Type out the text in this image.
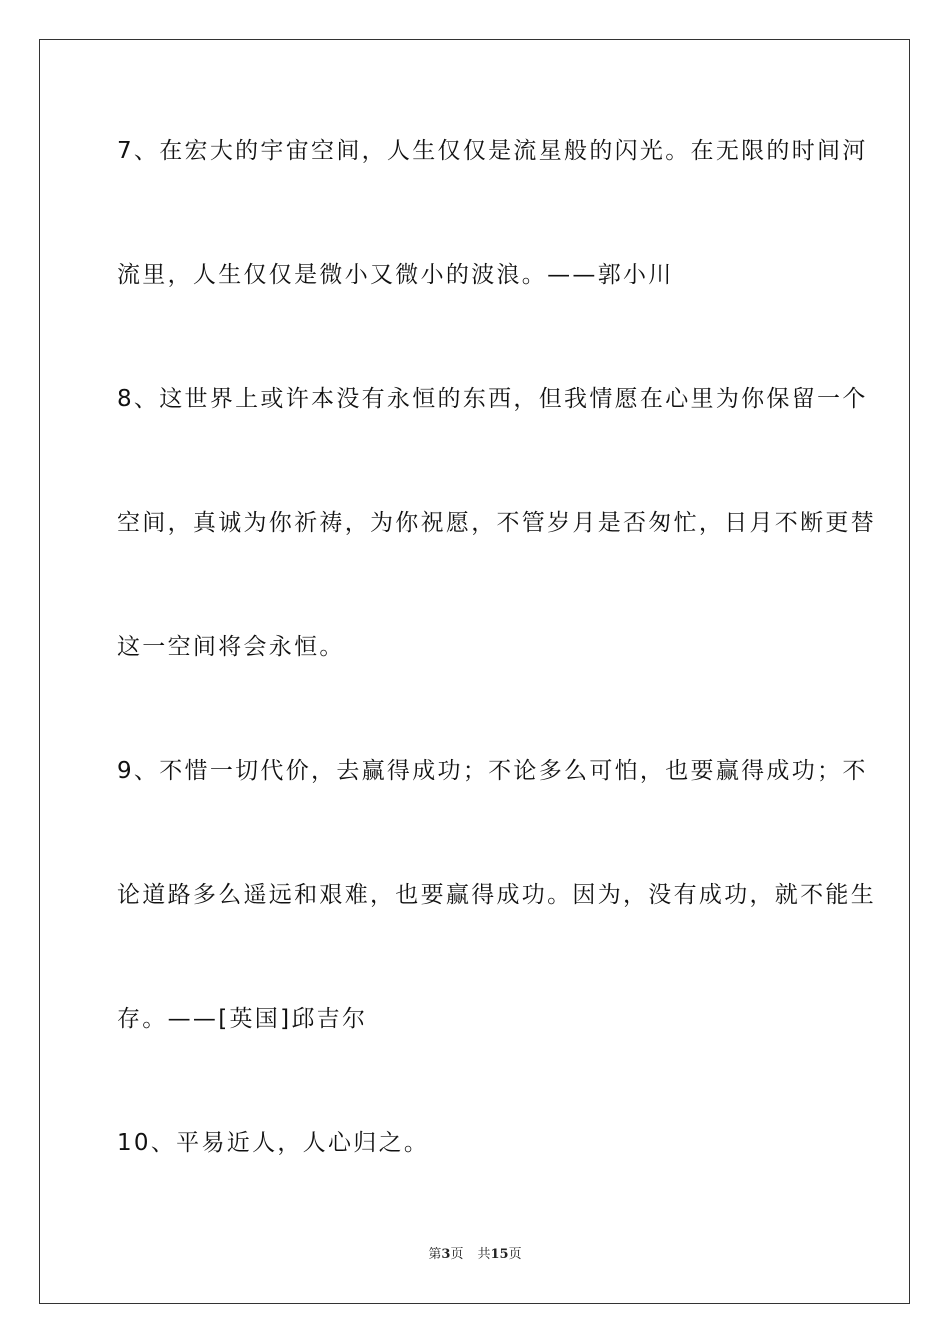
7、在宏大的宇宙空间，人生仅仅是流星般的闪光。在无限的时间河
流里，人生仅仅是微小又微小的波浪。——郭小川
8、这世界上或许本没有永恒的东西，但我情愿在心里为你保留一个
空间，真诚为你祈祷，为你祝愿，不管岁月是否匆忙，日月不断更替
这一空间将会永恒。
9、不惜一切代价，去赢得成功；不论多么可怕，也要赢得成功；不
论道路多么遥远和艰难，也要赢得成功。因为，没有成功，就不能生
存。——[英国]邱吉尔
10、平易近人，人心归之。
第3页 共15页
